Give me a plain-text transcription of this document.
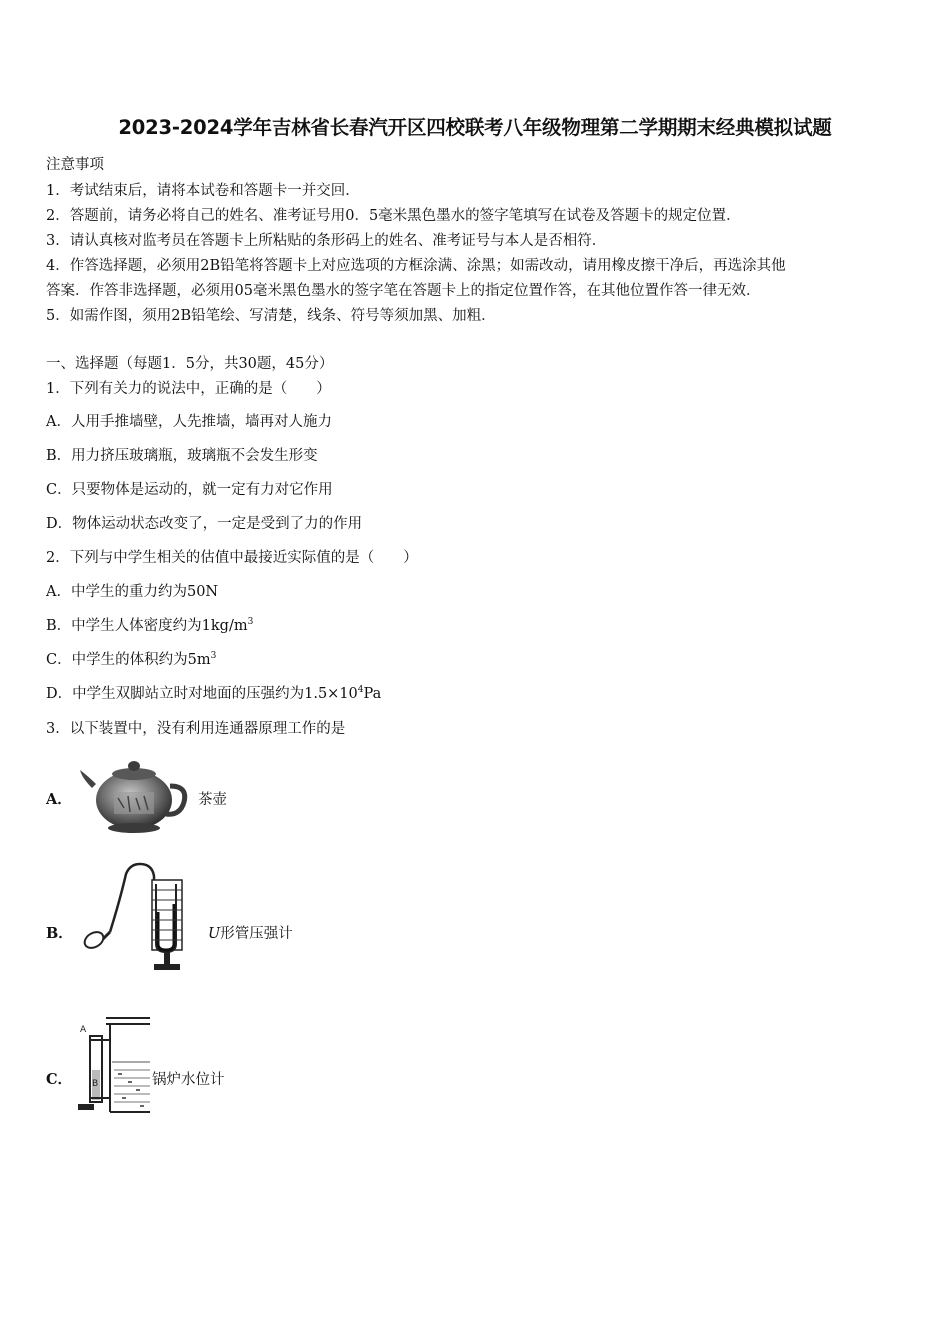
2023-2024学年吉林省长春汽开区四校联考八年级物理第二学期期末经典模拟试题
注意事项
1．考试结束后，请将本试卷和答题卡一并交回．
2．答题前，请务必将自己的姓名、准考证号用0．5毫米黑色墨水的签字笔填写在试卷及答题卡的规定位置．
3．请认真核对监考员在答题卡上所粘贴的条形码上的姓名、准考证号与本人是否相符．
4．作答选择题，必须用2B铅笔将答题卡上对应选项的方框涂满、涂黑；如需改动，请用橡皮擦干净后，再选涂其他
答案．作答非选择题，必须用05毫米黑色墨水的签字笔在答题卡上的指定位置作答，在其他位置作答一律无效．
5．如需作图，须用2B铅笔绘、写清楚，线条、符号等须加黑、加粗．
一、选择题（每题1．5分，共30题，45分）
1．下列有关力的说法中，正确的是（　　）
A．人用手推墙壁，人先推墙，墙再对人施力
B．用力挤压玻璃瓶，玻璃瓶不会发生形变
C．只要物体是运动的，就一定有力对它作用
D．物体运动状态改变了，一定是受到了力的作用
2．下列与中学生相关的估值中最接近实际值的是（　　）
A．中学生的重力约为50N
B．中学生人体密度约为$1kg/m^3$
C．中学生的体积约为$5m^3$
D．中学生双脚站立时对地面的压强约为$1.5\times 10^4Pa$
3．以下装置中，没有利用连通器原理工作的是
A．	茶壶
B．	U形管压强计
C．
A
B	锅炉水位计
